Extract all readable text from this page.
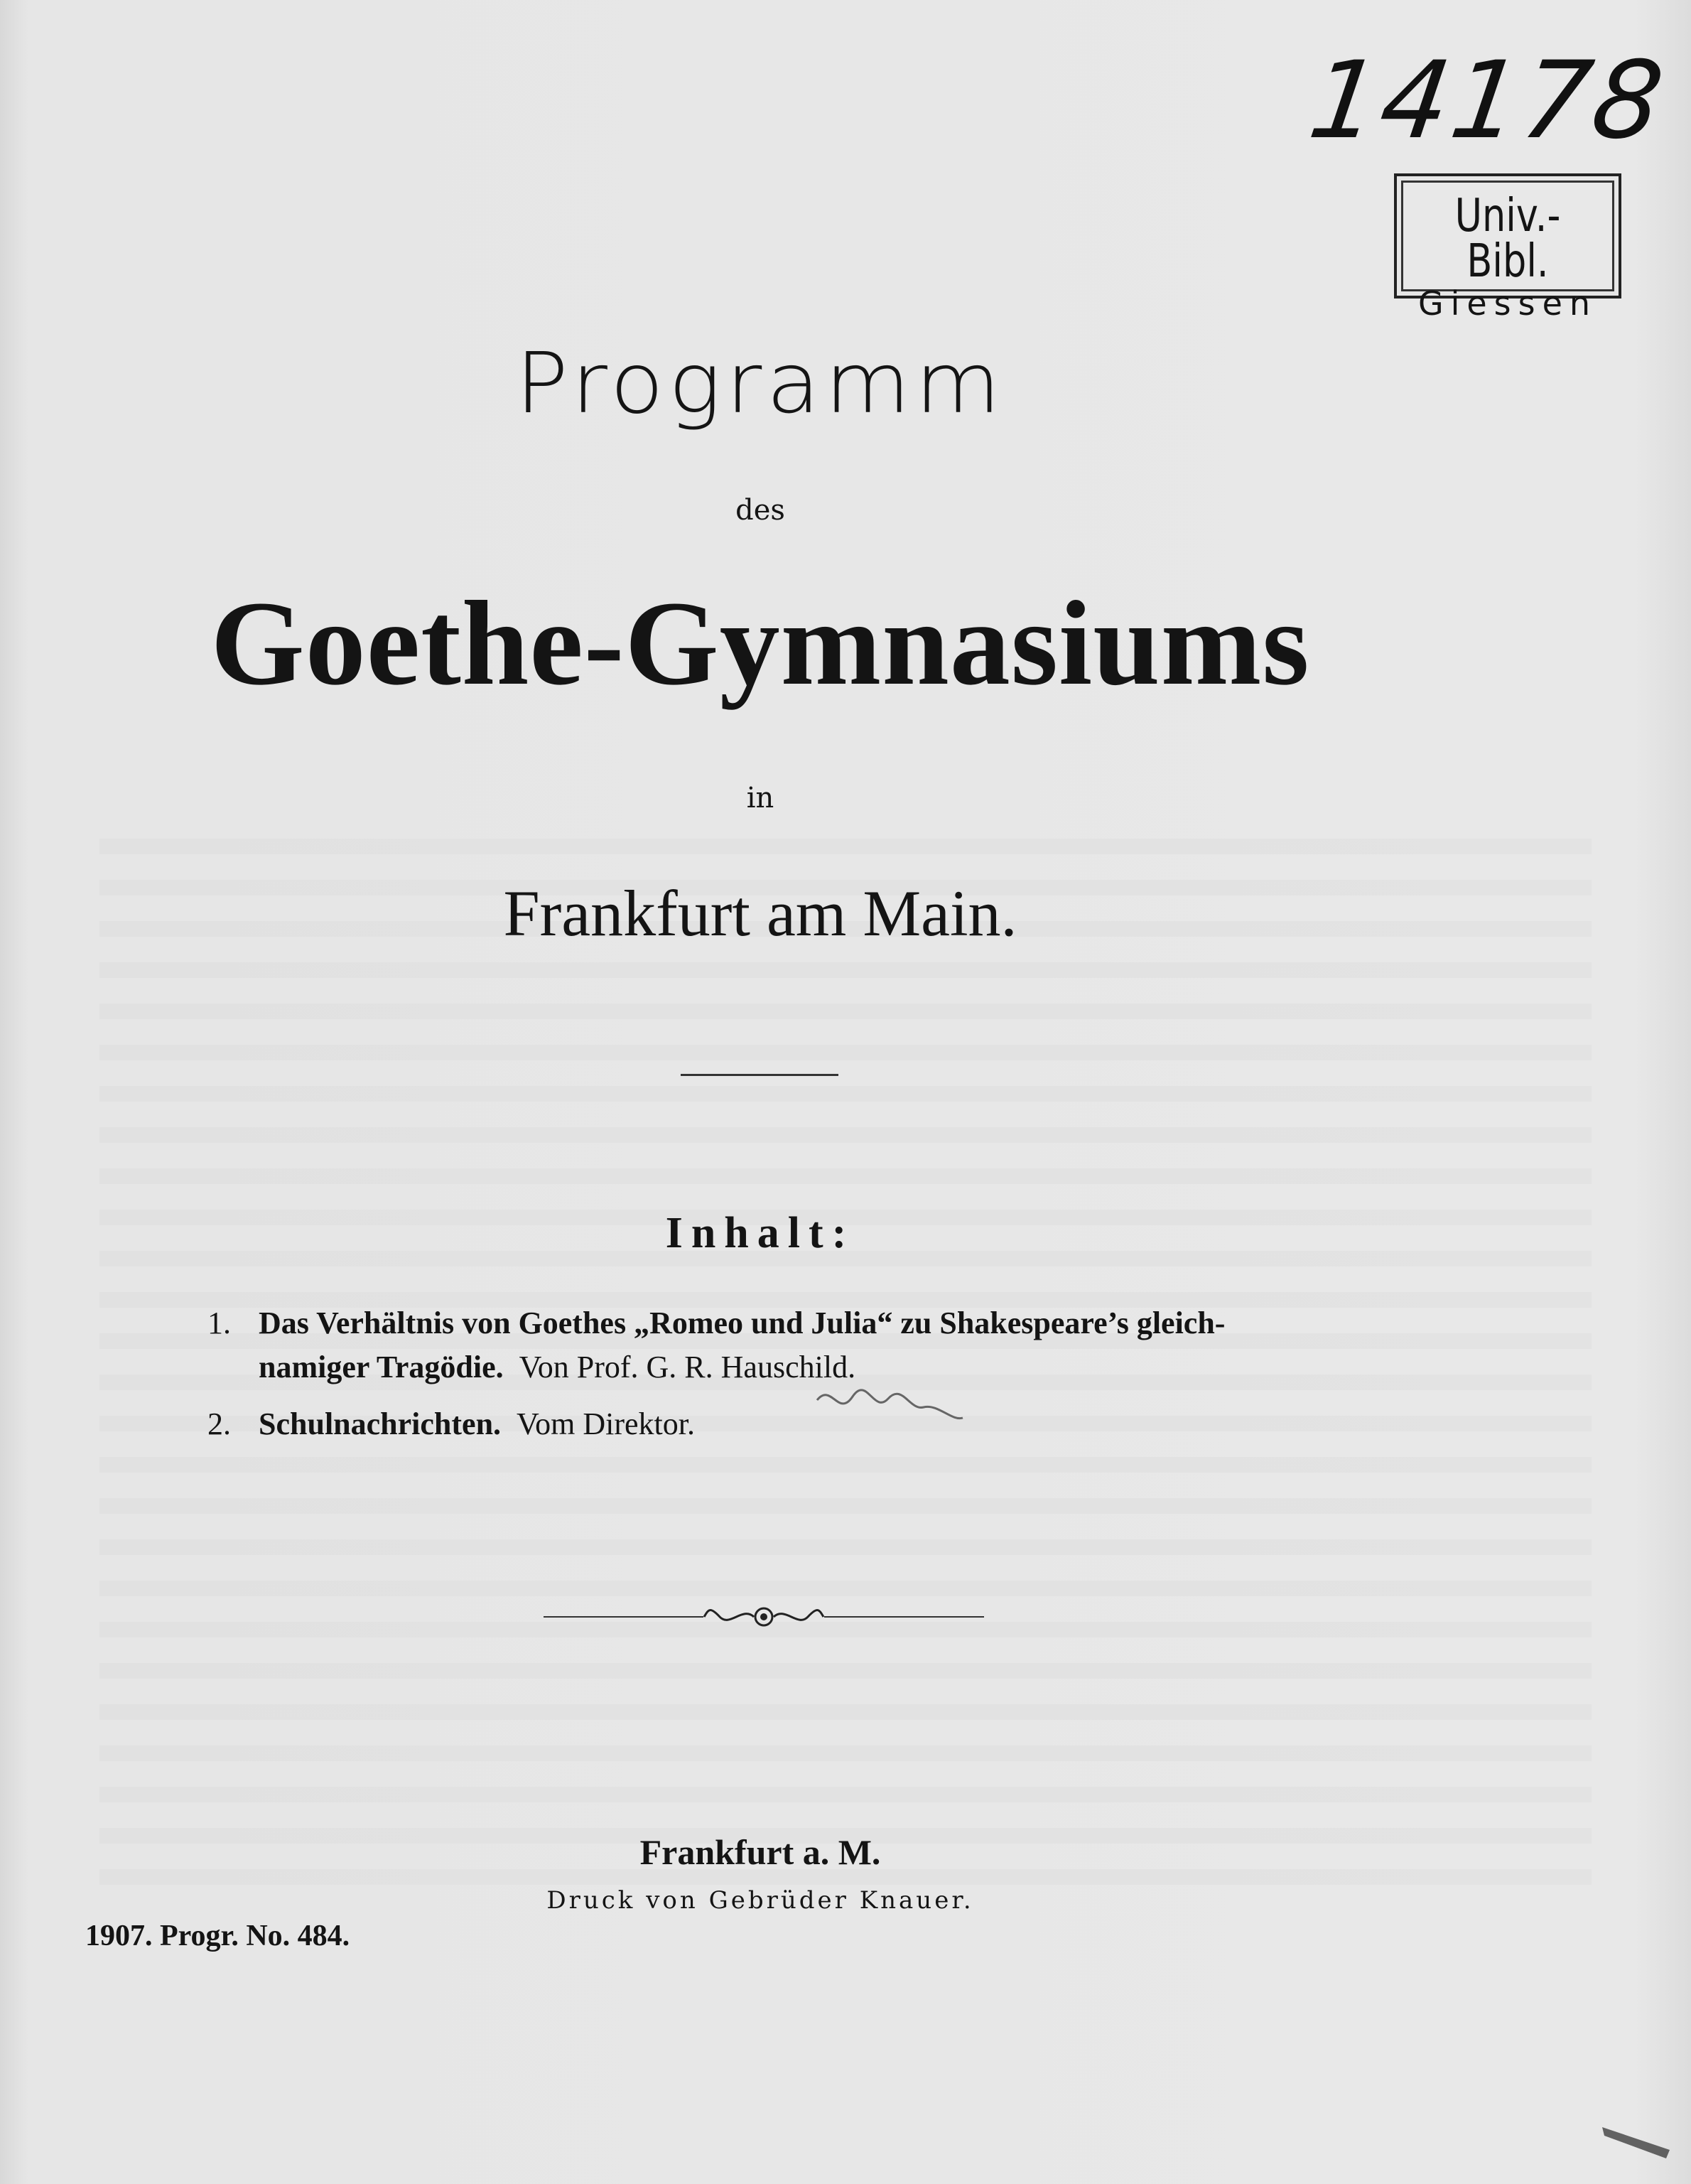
14178
Univ.-Bibl.
Giessen
Programm
des
Goethe-Gymnasiums
in
Frankfurt am Main.
Inhalt:
1. Das Verhältnis von Goethes „Romeo und Julia“ zu Shakespeare’s gleich-
namiger Tragödie. Von Prof. G. R. Hauschild.
2. Schulnachrichten. Vom Direktor.
Frankfurt a. M.
Druck von Gebrüder Knauer.
1907. Progr. No. 484.
